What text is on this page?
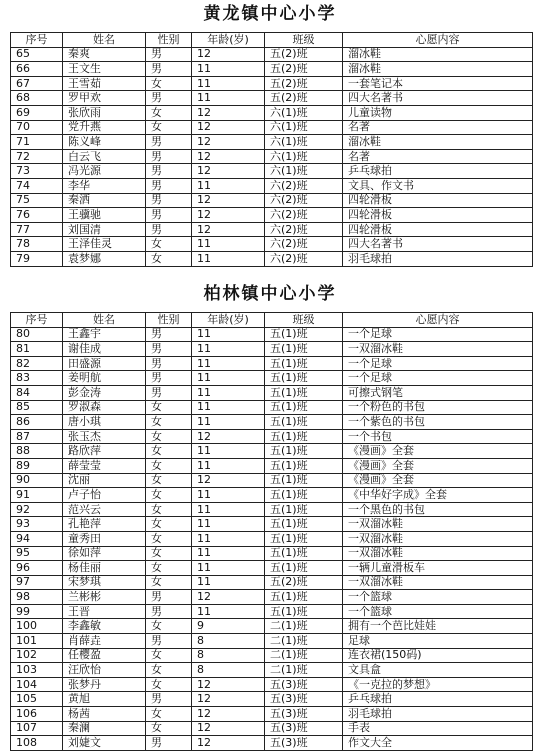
黄龙镇中心小学
序号	姓名	性别	年龄(岁)	班级	心愿内容
65	秦爽	男	12	五(2)班	溜冰鞋
66	王文生	男	11	五(2)班	溜冰鞋
67	王雪茹	女	11	五(2)班	一套笔记本
68	罗甲欢	男	11	五(2)班	四大名著书
69	张欣雨	女	12	六(1)班	儿童读物
70	党升燕	女	12	六(1)班	名著
71	陈义峰	男	12	六(1)班	溜冰鞋
72	白云飞	男	12	六(1)班	名著
73	冯光源	男	12	六(1)班	乒乓球拍
74	李华	男	11	六(2)班	文具、作文书
75	秦洒	男	12	六(2)班	四轮滑板
76	王骥驰	男	12	六(2)班	四轮滑板
77	刘国清	男	12	六(2)班	四轮滑板
78	王泽佳灵	女	11	六(2)班	四大名著书
79	袁梦娜	女	11	六(2)班	羽毛球拍
柏林镇中心小学
序号	姓名	性别	年龄(岁)	班级	心愿内容
80	王鑫宇	男	11	五(1)班	一个足球
81	谢佳成	男	11	五(1)班	一双溜冰鞋
82	田盛源	男	11	五(1)班	一个足球
83	姜明航	男	11	五(1)班	一个足球
84	彭金涛	男	11	五(1)班	可擦式钢笔
85	罗淑森	女	11	五(1)班	一个粉色的书包
86	唐小琪	女	11	五(1)班	一个紫色的书包
87	张玉杰	女	12	五(1)班	一个书包
88	路欣萍	女	11	五(1)班	《漫画》全套
89	薛莹莹	女	11	五(1)班	《漫画》全套
90	沈丽	女	12	五(1)班	《漫画》全套
91	卢子怡	女	11	五(1)班	《中华好字成》全套
92	范兴云	女	11	五(1)班	一个黑色的书包
93	孔艳萍	女	11	五(1)班	一双溜冰鞋
94	童秀田	女	11	五(1)班	一双溜冰鞋
95	徐如萍	女	11	五(1)班	一双溜冰鞋
96	杨佳丽	女	11	五(1)班	一辆儿童滑板车
97	宋梦琪	女	11	五(2)班	一双溜冰鞋
98	兰彬彬	男	12	五(1)班	一个篮球
99	王晋	男	11	五(1)班	一个篮球
100	李鑫敏	女	9	二(1)班	拥有一个芭比娃娃
101	肖薛垚	男	8	二(1)班	足球
102	任樱盈	女	8	二(1)班	连衣裙(150码)
103	汪欣怡	女	8	二(1)班	文具盒
104	张梦丹	女	12	五(3)班	《一克拉的梦想》
105	黄旭	男	12	五(3)班	乒乓球拍
106	杨茜	女	12	五(3)班	羽毛球拍
107	秦澜	女	12	五(3)班	手表
108	刘婕文	男	12	五(3)班	作文大全
